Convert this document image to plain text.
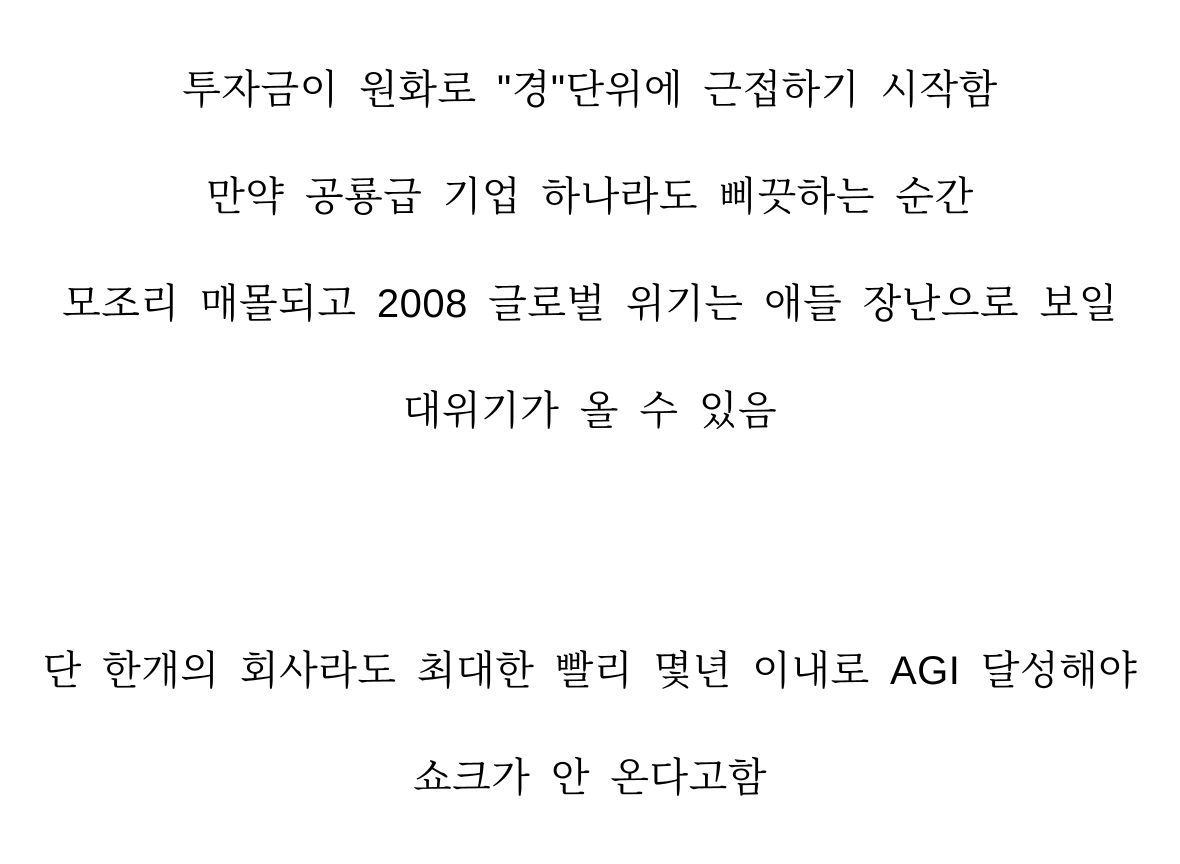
투자금이 원화로 "경"단위에 근접하기 시작함
만약 공룡급 기업 하나라도 삐끗하는 순간
모조리 매몰되고 2008 글로벌 위기는 애들 장난으로 보일
대위기가 올 수 있음
단 한개의 회사라도 최대한 빨리 몇년 이내로 AGI 달성해야
쇼크가 안 온다고함
